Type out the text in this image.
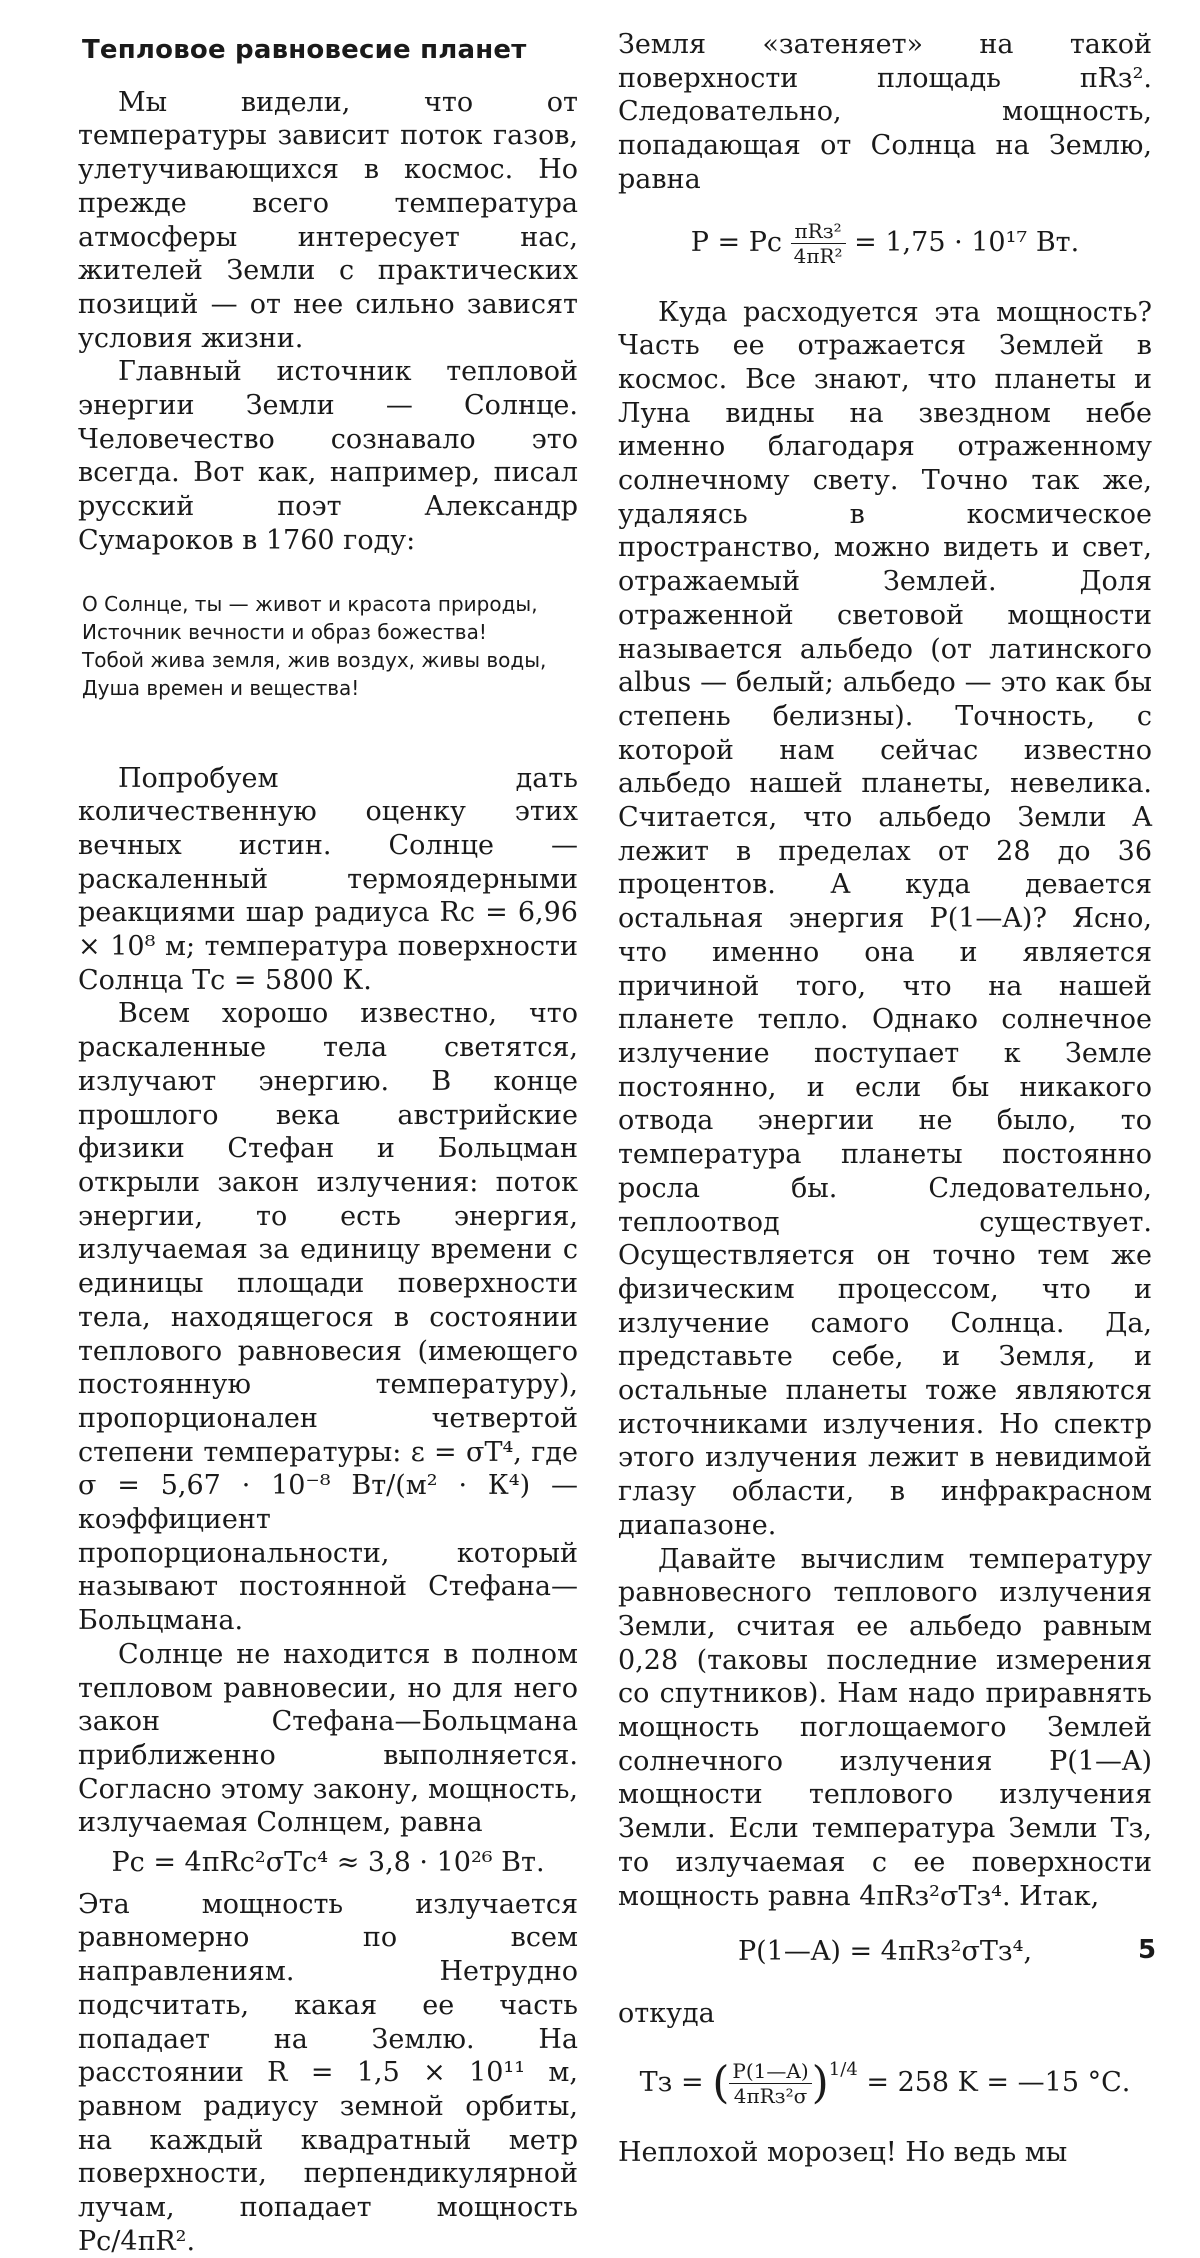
Тепловое равновесие планет

Мы видели, что от температуры зависит поток газов, улетучивающихся в космос. Но прежде всего температура атмосферы интересует нас, жителей Земли с практических позиций — от нее сильно зависят условия жизни.

Главный источник тепловой энергии Земли — Солнце. Человечество сознавало это всегда. Вот как, например, писал русский поэт Александр Сумароков в 1760 году:

О Солнце, ты — живот и красота природы,
Источник вечности и образ божества!
Тобой жива земля, жив воздух, живы воды,
Душа времен и вещества!

Попробуем дать количественную оценку этих вечных истин. Солнце — раскаленный термоядерными реакциями шар радиуса Rс = 6,96 × 10⁸ м; температура поверхности Солнца Tс = 5800 К.

Всем хорошо известно, что раскаленные тела светятся, излучают энергию. В конце прошлого века австрийские физики Стефан и Больцман открыли закон излучения: поток энергии, то есть энергия, излучаемая за единицу времени с единицы площади поверхности тела, находящегося в состоянии теплового равновесия (имеющего постоянную температуру), пропорционален четвертой степени температуры: ε = σT⁴, где σ = 5,67 · 10⁻⁸ Вт/(м² · К⁴) — коэффициент пропорциональности, который называют постоянной Стефана—Больцмана.

Солнце не находится в полном тепловом равновесии, но для него закон Стефана—Больцмана приближенно выполняется. Согласно этому закону, мощность, излучаемая Солнцем, равна

Pс = 4πRс²σTс⁴ ≈ 3,8 · 10²⁶ Вт.

Эта мощность излучается равномерно по всем направлениям. Нетрудно подсчитать, какая ее часть попадает на Землю. На расстоянии R = 1,5 × 10¹¹ м, равном радиусу земной орбиты, на каждый квадратный метр поверхности, перпендикулярной лучам, попадает мощность Pс/4πR².

Земля «затеняет» на такой поверхности площадь πRз². Следовательно, мощность, попадающая от Солнца на Землю, равна

P = Pс $\frac{\text{πRз²}}{\text{4πR²}} = 1,75 \cdot 10^{17}$ Вт.

Куда расходуется эта мощность? Часть ее отражается Землей в космос. Все знают, что планеты и Луна видны на звездном небе именно благодаря отраженному солнечному свету. Точно так же, удаляясь в космическое пространство, можно видеть и свет, отражаемый Землей. Доля отраженной световой мощности называется альбедо (от латинского albus — белый; альбедо — это как бы степень белизны). Точность, с которой нам сейчас известно альбедо нашей планеты, невелика. Считается, что альбедо Земли A лежит в пределах от 28 до 36 процентов. А куда девается остальная энергия P(1—A)? Ясно, что именно она и является причиной того, что на нашей планете тепло. Однако солнечное излучение поступает к Земле постоянно, и если бы никакого отвода энергии не было, то температура планеты постоянно росла бы. Следовательно, теплоотвод существует. Осуществляется он точно тем же физическим процессом, что и излучение самого Солнца. Да, представьте себе, и Земля, и остальные планеты тоже являются источниками излучения. Но спектр этого излучения лежит в невидимой глазу области, в инфракрасном диапазоне.

Давайте вычислим температуру равновесного теплового излучения Земли, считая ее альбедо равным 0,28 (таковы последние измерения со спутников). Нам надо приравнять мощность поглощаемого Землей солнечного излучения P(1—A) мощности теплового излучения Земли. Если температура Земли Tз, то излучаемая с ее поверхности мощность равна 4πRз²σTз⁴. Итак,

P(1—A) = 4πRз²σTз⁴,

откуда

Tз = ( $\frac{P(1—A)}{\text{4πRз²σ}} )^{1/4} = 258$ K = —15 °С.

Неплохой морозец! Но ведь мы

5
